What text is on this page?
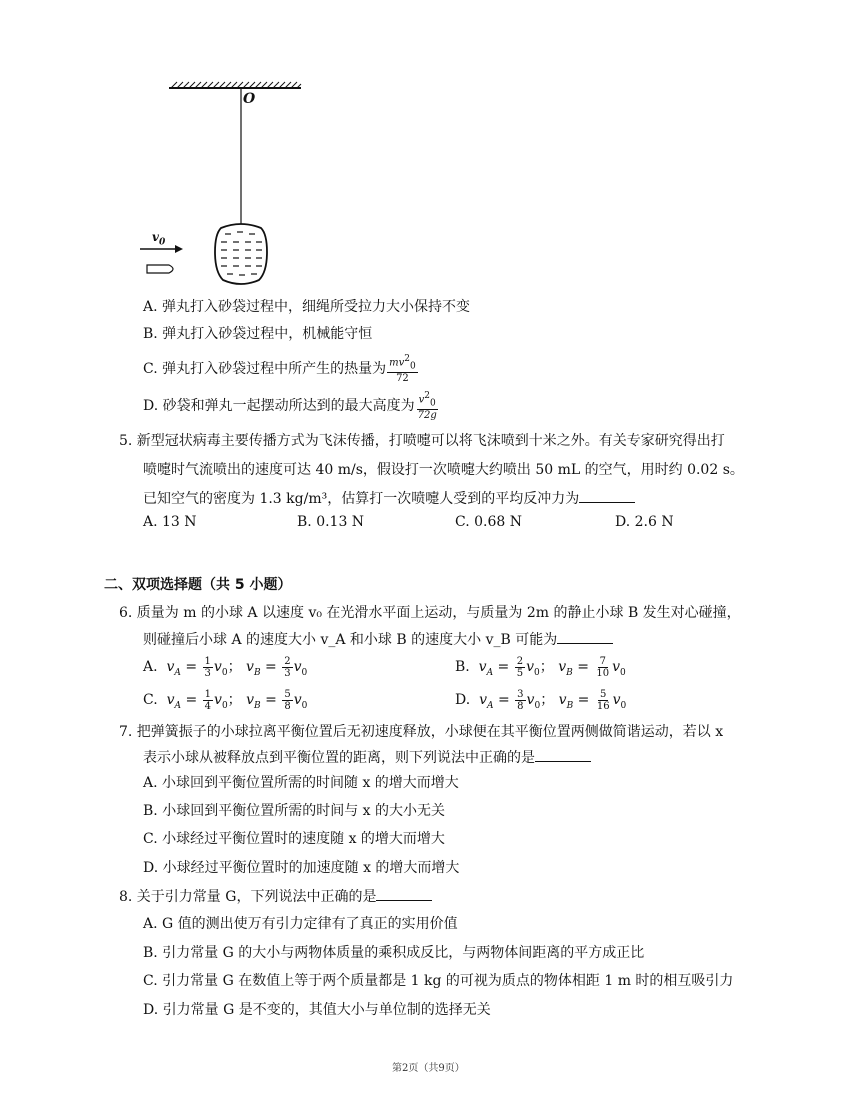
O
$v_0$
A. 弹丸打入砂袋过程中，细绳所受拉力大小保持不变
B. 弹丸打入砂袋过程中，机械能守恒
C. 弹丸打入砂袋过程中所产生的热量为 $\frac{mv^2_0}{72}$
D. 砂袋和弹丸一起摆动所达到的最大高度为 $\frac{v^2_0}{72g}$
5. 新型冠状病毒主要传播方式为飞沫传播，打喷嚏可以将飞沫喷到十米之外。有关专家研究得出打
喷嚏时气流喷出的速度可达 40 m/s，假设打一次喷嚏大约喷出 50 mL 的空气，用时约 0.02 s。
已知空气的密度为 1.3 kg/m³，估算打一次喷嚏人受到的平均反冲力为
A. 13 N	B. 0.13 N	C. 0.68 N	D. 2.6 N
二、双项选择题（共 5 小题）
6. 质量为 m 的小球 A 以速度 v₀ 在光滑水平面上运动，与质量为 2m 的静止小球 B 发生对心碰撞，
则碰撞后小球 A 的速度大小 v_A 和小球 B 的速度大小 v_B 可能为
A. $v_A = \frac{1}{3} v_0$； $v_B = \frac{2}{3} v_0$	B. $v_A = \frac{2}{5} v_0$； $v_B = \frac{7}{10} v_0$
C. $v_A = \frac{1}{4} v_0$； $v_B = \frac{5}{8} v_0$	D. $v_A = \frac{3}{8} v_0$； $v_B = \frac{5}{16} v_0$
7. 把弹簧振子的小球拉离平衡位置后无初速度释放，小球便在其平衡位置两侧做简谐运动，若以 x
表示小球从被释放点到平衡位置的距离，则下列说法中正确的是
A. 小球回到平衡位置所需的时间随 x 的增大而增大
B. 小球回到平衡位置所需的时间与 x 的大小无关
C. 小球经过平衡位置时的速度随 x 的增大而增大
D. 小球经过平衡位置时的加速度随 x 的增大而增大
8. 关于引力常量 G，下列说法中正确的是
A. G 值的测出使万有引力定律有了真正的实用价值
B. 引力常量 G 的大小与两物体质量的乘积成反比，与两物体间距离的平方成正比
C. 引力常量 G 在数值上等于两个质量都是 1 kg 的可视为质点的物体相距 1 m 时的相互吸引力
D. 引力常量 G 是不变的，其值大小与单位制的选择无关
第2页（共9页）
